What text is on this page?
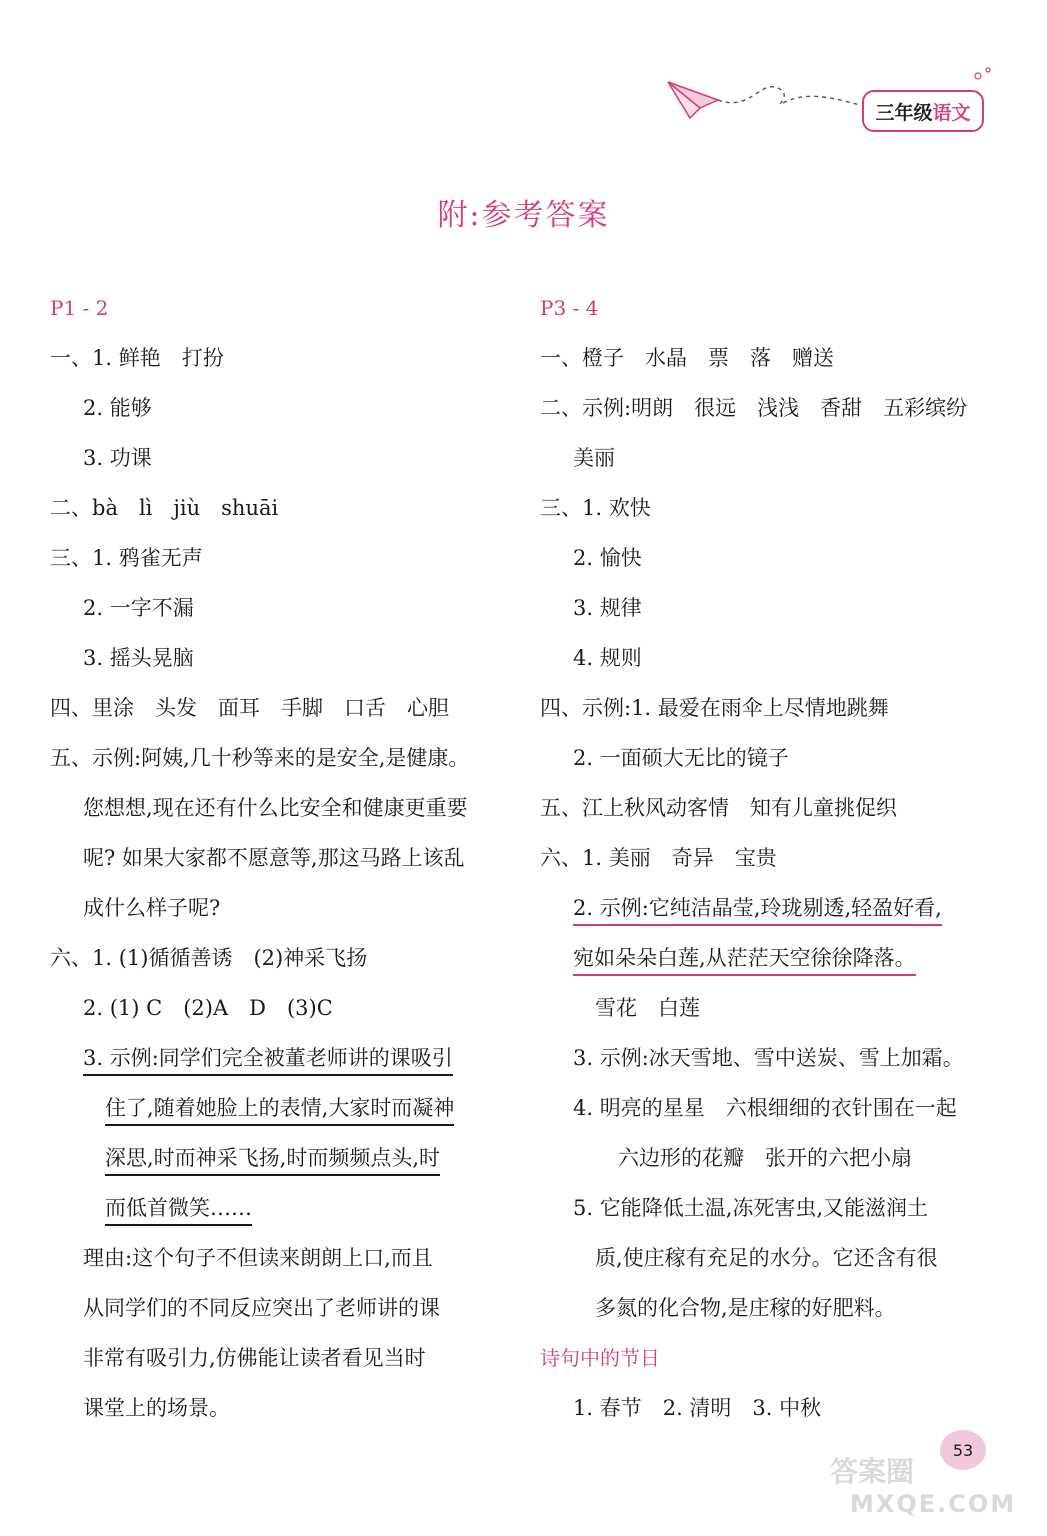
三年级 语文
附:参考答案
P1 - 2
一、1. 鲜艳　打扮
2. 能够
3. 功课
二、bà　lì　jiù　shuāi
三、1. 鸦雀无声
2. 一字不漏
3. 摇头晃脑
四、里涂　头发　面耳　手脚　口舌　心胆
五、示例:阿姨,几十秒等来的是安全,是健康。
您想想,现在还有什么比安全和健康更重要
呢? 如果大家都不愿意等,那这马路上该乱
成什么样子呢?
六、1. (1)循循善诱　(2)神采飞扬
2. (1) C　(2)A　D　(3)C
3. 示例:同学们完全被董老师讲的课吸引
住了,随着她脸上的表情,大家时而凝神
深思,时而神采飞扬,时而频频点头,时
而低首微笑……
理由:这个句子不但读来朗朗上口,而且
从同学们的不同反应突出了老师讲的课
非常有吸引力,仿佛能让读者看见当时
课堂上的场景。
P3 - 4
一、橙子　水晶　票　落　赠送
二、示例:明朗　很远　浅浅　香甜　五彩缤纷
美丽
三、1. 欢快
2. 愉快
3. 规律
4. 规则
四、示例:1. 最爱在雨伞上尽情地跳舞
2. 一面硕大无比的镜子
五、江上秋风动客情　知有儿童挑促织
六、1. 美丽　奇异　宝贵
2. 示例:它纯洁晶莹,玲珑剔透,轻盈好看,
宛如朵朵白莲,从茫茫天空徐徐降落。
雪花　白莲
3. 示例:冰天雪地、雪中送炭、雪上加霜。
4. 明亮的星星　六根细细的衣针围在一起
六边形的花瓣　张开的六把小扇
5. 它能降低土温,冻死害虫,又能滋润土
质,使庄稼有充足的水分。它还含有很
多氮的化合物,是庄稼的好肥料。
诗句中的节日
1. 春节　2. 清明　3. 中秋
答案圈
MXQE.COM
53
